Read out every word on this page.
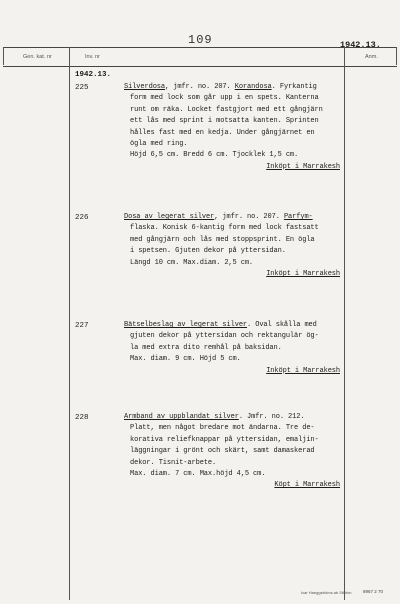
109	1942.13.
Gen. kat. nr	Inv. nr	Anm.
1942.13.
225	Silverdosa, jmfr. no. 207. Korandosa. Fyrkantig
form med lock som går upp i en spets. Kanterna
runt om räka. Locket fastgjort med ett gångjärn
ett lås med sprint i motsatta kanten. Sprinten
hålles fast med en kedja. Under gångjärnet en
ögla med ring.
Höjd 6,5 cm. Bredd 6 cm. Tjocklek 1,5 cm.
Inköpt i Marrakesh
226	Dosa av legerat silver, jmfr. no. 207. Parfym-
flaska. Konisk 6-kantig form med lock fastsatt
med gångjärn och lås med stoppsprint. En ögla
i spetsen. Gjuten dekor på yttersidan.
Längd 10 cm. Max.diam. 2,5 cm.
Inköpt i Marrakesh
227	Bätselbeslag av legerat silver. Oval skålla med
gjuten dekor på yttersidan och rektangulär ög-
la med extra dito remhål på baksidan.
Max. diam. 9 cm. Höjd 5 cm.
Inköpt i Marrakesh
228	Armband av uppblandat silver. Jmfr. no. 212.
Platt, men något bredare mot ändarna. Tre de-
korativa reliefknappar på yttersidan, emaljin-
läggningar i grönt och skärt, samt damaskerad
dekor. Tisnit-arbete.
Max. diam. 7 cm. Max.höjd 4,5 cm.
Köpt i Marrakesh
Ivar Haeggströms ab Stkhlm	8967 2 70
